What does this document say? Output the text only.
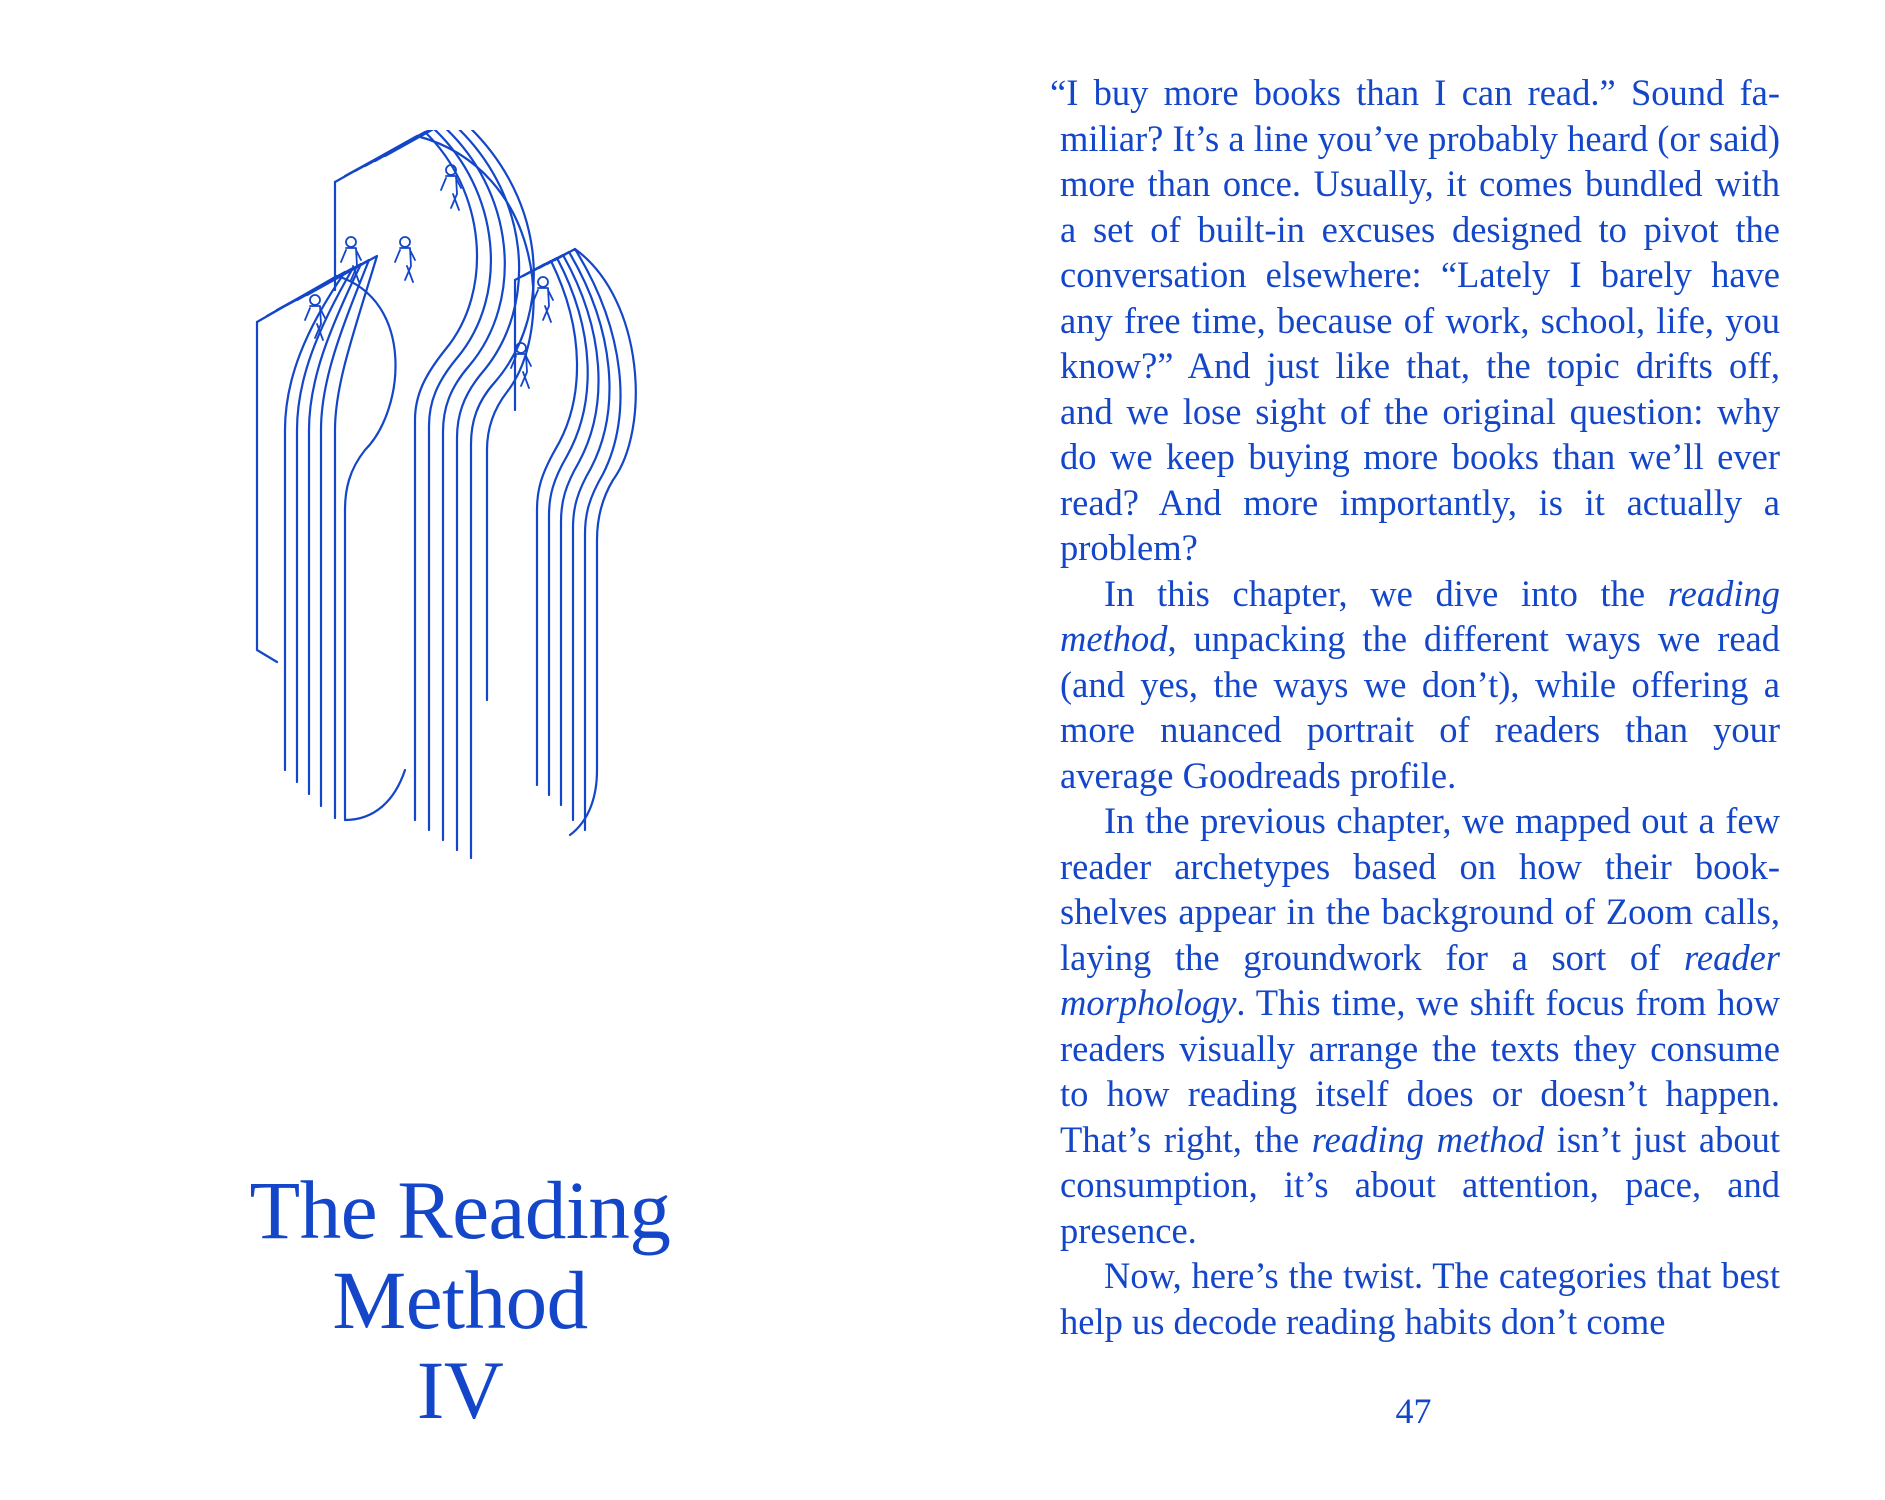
The Reading
Method
IV

“I buy more books than I can read.” Sound familiar? It’s a line you’ve probably heard (or said) more than once. Usually, it comes bundled with a set of built-in excuses designed to pivot the conversation elsewhere: “Lately I barely have any free time, because of work, school, life, you know?” And just like that, the topic drifts off, and we lose sight of the original question: why do we keep buying more books than we’ll ever read? And more importantly, is it actually a problem?

In this chapter, we dive into the reading method, unpacking the different ways we read (and yes, the ways we don’t), while offering a more nuanced portrait of readers than your average Goodreads profile.

In the previous chapter, we mapped out a few reader archetypes based on how their bookshelves appear in the background of Zoom calls, laying the groundwork for a sort of reader morphology. This time, we shift focus from how readers visually arrange the texts they consume to how reading itself does or doesn’t happen. That’s right, the reading method isn’t just about consumption, it’s about attention, pace, and presence.

Now, here’s the twist. The categories that best help us decode reading habits don’t come

47
